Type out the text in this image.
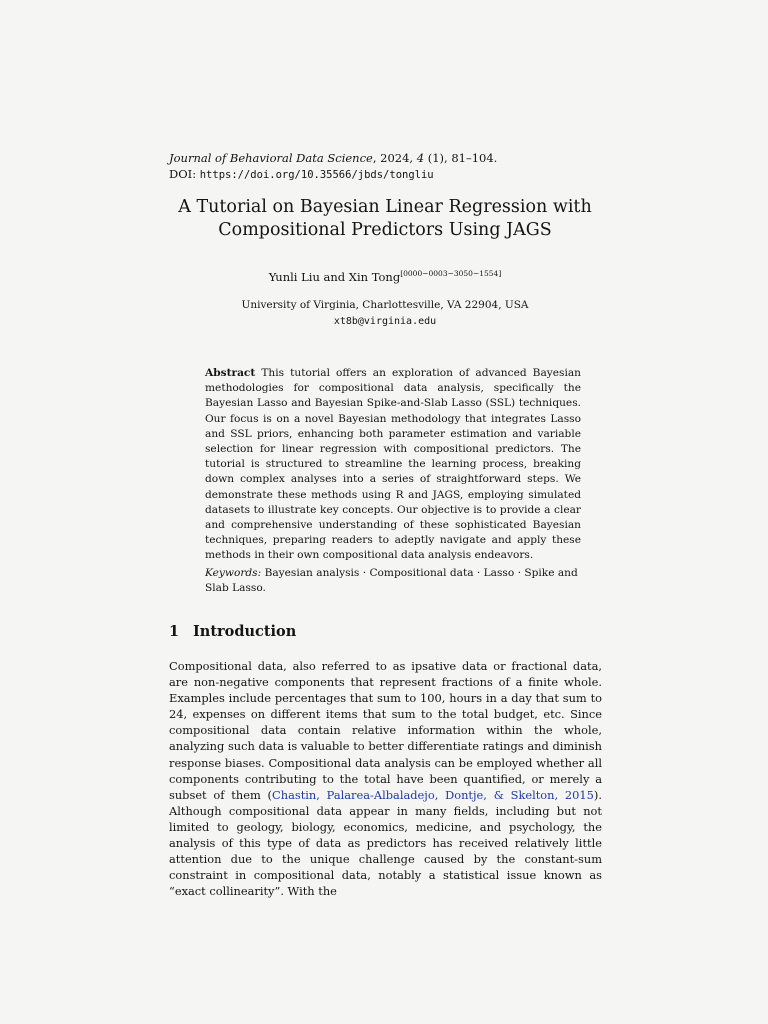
Journal of Behavioral Data Science, 2024, 4 (1), 81–104.
DOI: https://doi.org/10.35566/jbds/tongliu
A Tutorial on Bayesian Linear Regression with
Compositional Predictors Using JAGS
Yunli Liu and Xin Tong[0000−0003−3050−1554]
University of Virginia, Charlottesville, VA 22904, USA
xt8b@virginia.edu
Abstract This tutorial offers an exploration of advanced Bayesian methodologies for compositional data analysis, specifically the Bayesian Lasso and Bayesian Spike-and-Slab Lasso (SSL) techniques. Our focus is on a novel Bayesian methodology that integrates Lasso and SSL priors, enhancing both parameter estimation and variable selection for linear regression with compositional predictors. The tutorial is structured to streamline the learning process, breaking down complex analyses into a series of straightforward steps. We demonstrate these methods using R and JAGS, employing simulated datasets to illustrate key concepts. Our objective is to provide a clear and comprehensive understanding of these sophisticated Bayesian techniques, preparing readers to adeptly navigate and apply these methods in their own compositional data analysis endeavors.
Keywords: Bayesian analysis · Compositional data · Lasso · Spike and Slab Lasso.
1 Introduction
Compositional data, also referred to as ipsative data or fractional data, are non-negative components that represent fractions of a finite whole. Examples include percentages that sum to 100, hours in a day that sum to 24, expenses on different items that sum to the total budget, etc. Since compositional data contain relative information within the whole, analyzing such data is valuable to better differentiate ratings and diminish response biases. Compositional data analysis can be employed whether all components contributing to the total have been quantified, or merely a subset of them (Chastin, Palarea-Albaladejo, Dontje, & Skelton, 2015). Although compositional data appear in many fields, including but not limited to geology, biology, economics, medicine, and psychology, the analysis of this type of data as predictors has received relatively little attention due to the unique challenge caused by the constant-sum constraint in compositional data, notably a statistical issue known as “exact collinearity”. With the
